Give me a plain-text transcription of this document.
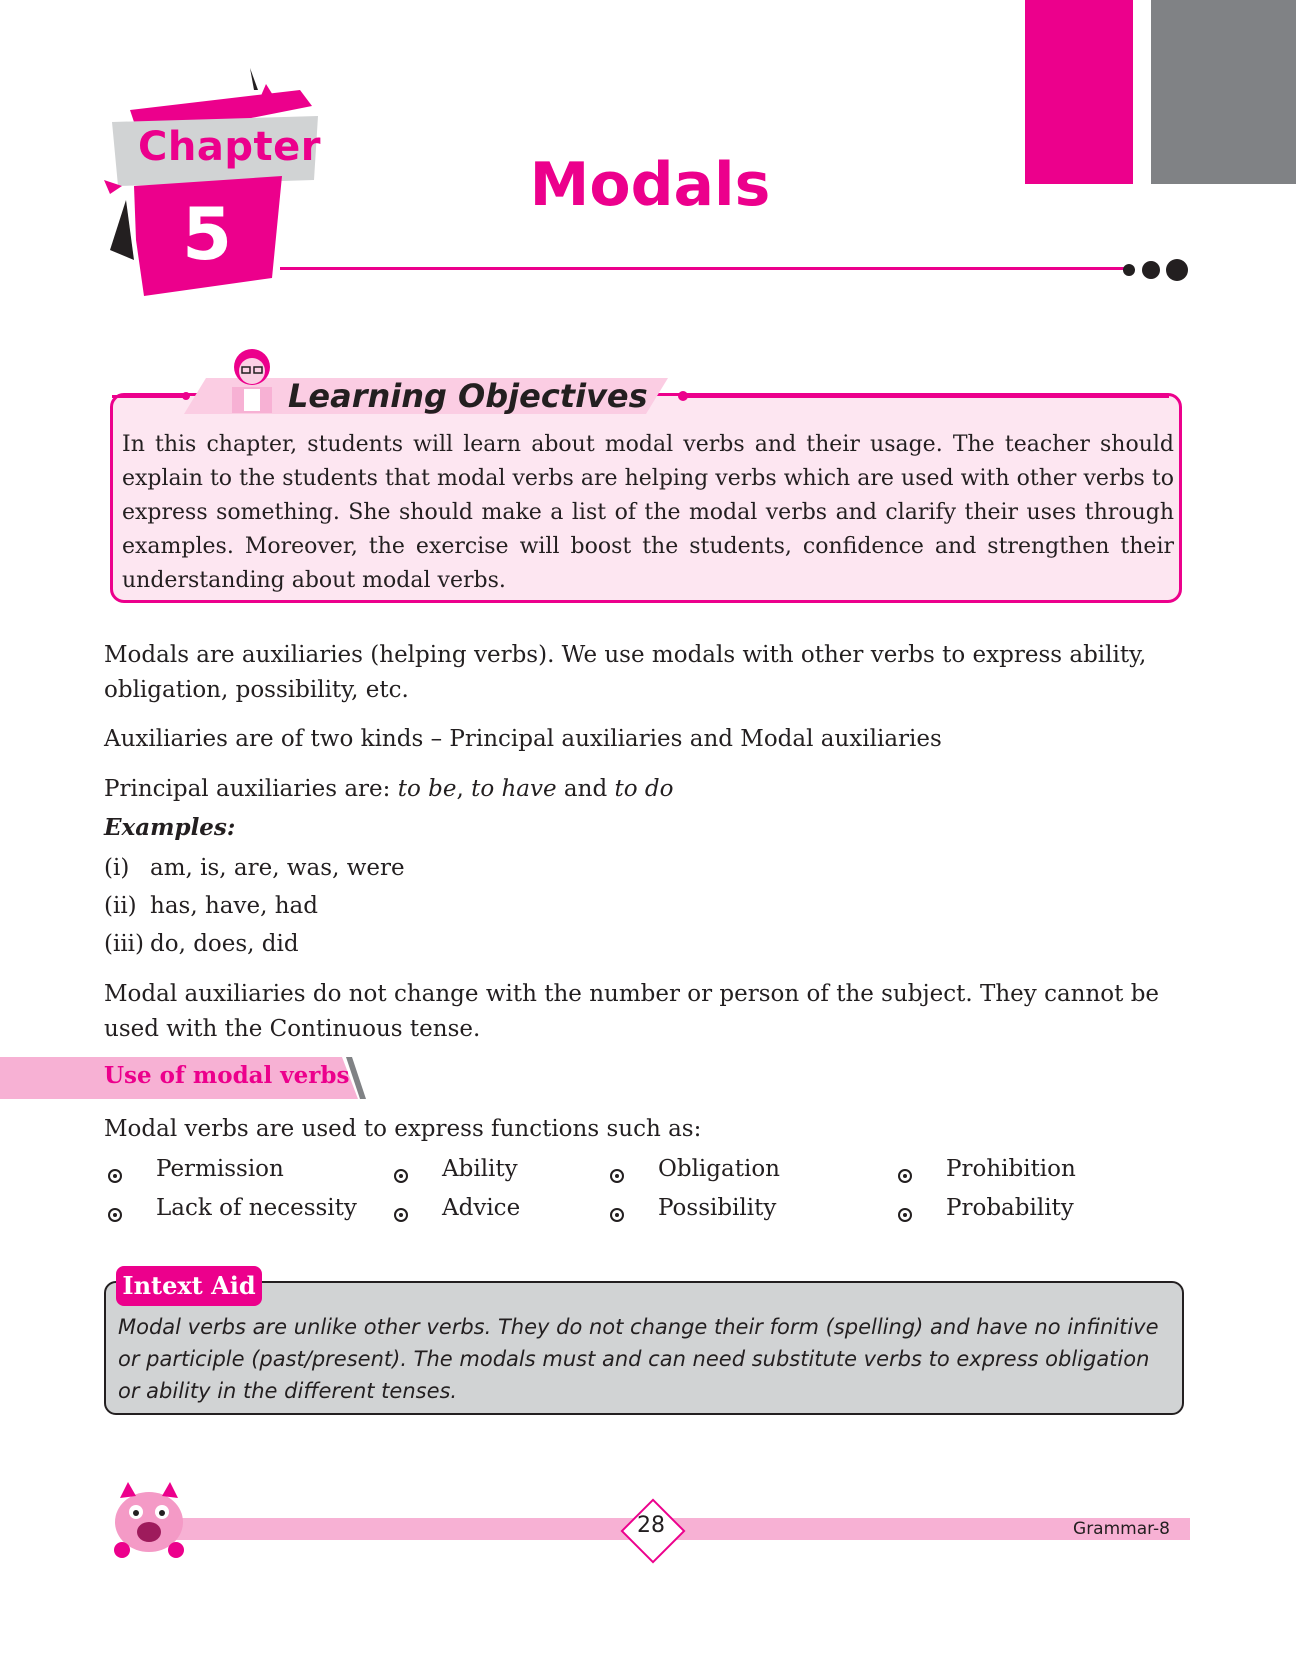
Chapter
5
Modals
Learning Objectives
In this chapter, students will learn about modal verbs and their usage. The teacher should explain to the students that modal verbs are helping verbs which are used with other verbs to express something. She should make a list of the modal verbs and clarify their uses through examples. Moreover, the exercise will boost the students, confidence and strengthen their understanding about modal verbs.
Modals are auxiliaries (helping verbs). We use modals with other verbs to express ability, obligation, possibility, etc.
Auxiliaries are of two kinds – Principal auxiliaries and Modal auxiliaries
Principal auxiliaries are: to be, to have and to do
Examples:
(i) am, is, are, was, were
(ii) has, have, had
(iii) do, does, did
Modal auxiliaries do not change with the number or person of the subject. They cannot be used with the Continuous tense.
Use of modal verbs
Modal verbs are used to express functions such as:
Permission	Ability	Obligation	Prohibition
Lack of necessity	Advice	Possibility	Probability
Intext Aid
Modal verbs are unlike other verbs. They do not change their form (spelling) and have no infinitive or participle (past/present). The modals must and can need substitute verbs to express obligation or ability in the different tenses.
28	Grammar-8
